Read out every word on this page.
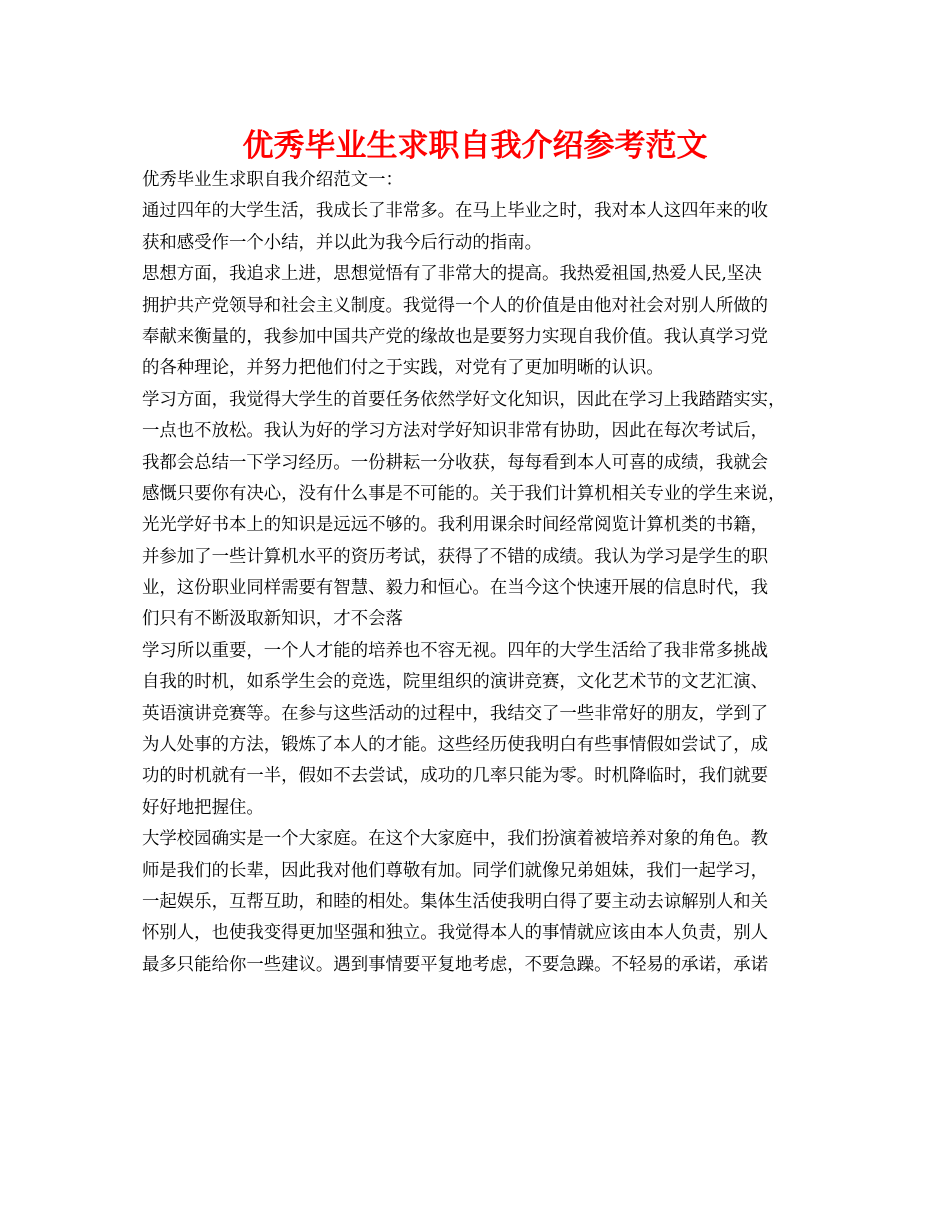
优秀毕业生求职自我介绍参考范文

优秀毕业生求职自我介绍范文一：

通过四年的大学生活，我成长了非常多。在马上毕业之时，我对本人这四年来的收

获和感受作一个小结，并以此为我今后行动的指南。

思想方面，我追求上进，思想觉悟有了非常大的提高。我热爱祖国,热爱人民,坚决

拥护共产党领导和社会主义制度。我觉得一个人的价值是由他对社会对别人所做的

奉献来衡量的，我参加中国共产党的缘故也是要努力实现自我价值。我认真学习党

的各种理论，并努力把他们付之于实践，对党有了更加明晰的认识。

学习方面，我觉得大学生的首要任务依然学好文化知识，因此在学习上我踏踏实实，

一点也不放松。我认为好的学习方法对学好知识非常有协助，因此在每次考试后，

我都会总结一下学习经历。一份耕耘一分收获，每每看到本人可喜的成绩，我就会

感慨只要你有决心，没有什么事是不可能的。关于我们计算机相关专业的学生来说，

光光学好书本上的知识是远远不够的。我利用课余时间经常阅览计算机类的书籍，

并参加了一些计算机水平的资历考试，获得了不错的成绩。我认为学习是学生的职

业，这份职业同样需要有智慧、毅力和恒心。在当今这个快速开展的信息时代，我

们只有不断汲取新知识，才不会落

学习所以重要，一个人才能的培养也不容无视。四年的大学生活给了我非常多挑战

自我的时机，如系学生会的竞选，院里组织的演讲竞赛，文化艺术节的文艺汇演、

英语演讲竞赛等。在参与这些活动的过程中，我结交了一些非常好的朋友，学到了

为人处事的方法，锻炼了本人的才能。这些经历使我明白有些事情假如尝试了，成

功的时机就有一半，假如不去尝试，成功的几率只能为零。时机降临时，我们就要

好好地把握住。

大学校园确实是一个大家庭。在这个大家庭中，我们扮演着被培养对象的角色。教

师是我们的长辈，因此我对他们尊敬有加。同学们就像兄弟姐妹，我们一起学习，

一起娱乐，互帮互助，和睦的相处。集体生活使我明白得了要主动去谅解别人和关

怀别人，也使我变得更加坚强和独立。我觉得本人的事情就应该由本人负责，别人

最多只能给你一些建议。遇到事情要平复地考虑，不要急躁。不轻易的承诺，承诺
